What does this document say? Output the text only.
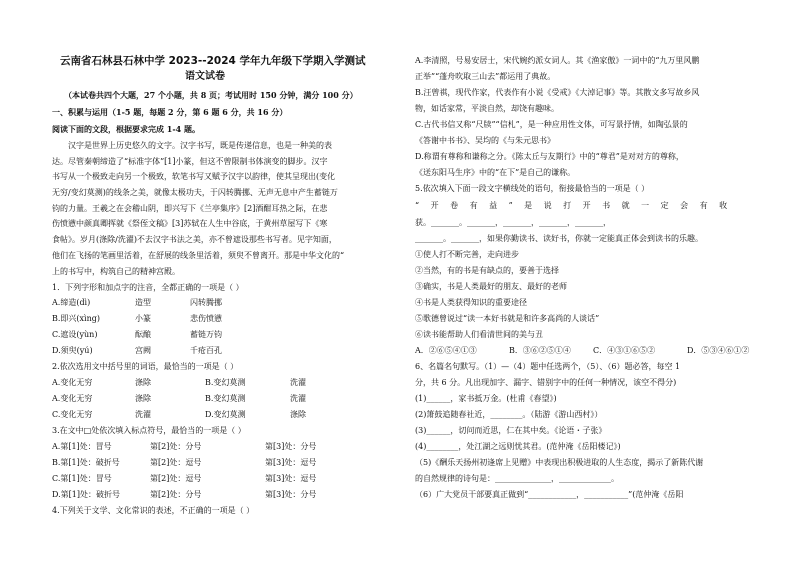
云南省石林县石林中学 2023--2024 学年九年级下学期入学测试
语文试卷
（本试卷共四个大题，27 个小题，共 8 页；考试用时 150 分钟，满分 100 分）
一、积累与运用（1-5 题，每题 2 分，第 6 题 6 分，共 16 分）
阅读下面的文段，根据要求完成 1-4 题。
汉字是世界上历史悠久的文字。汉字书写，既是传递信息，也是一种美的表
达。尽管秦朝缔造了“标准字体”[1]小篆，但这不曾限制书体演变的脚步。汉字
书写从一个极致走向另一个极致，软笔书写又赋予汉字以韵律，使其呈现出(变化
无穷/变幻莫测)的线条之美，就像太极功夫，于闪转腾挪、无声无息中产生蓄链万
钧的力量。王羲之在会稽山阴，即兴写下《兰亭集序》[2]酒酣耳热之际，在悲
伤愤懑中颜真卿挥就《祭侄文稿》[3]苏轼在人生中谷底，于黄州草屋写下《寒
食帖》。岁月(涤除/洗濯)不去汉字书法之美，亦不曾遮设那些书写者。见字知面，
他们在飞扬的笔画里活着，在舒展的线条里活着，须臾不曾离开。那是中华文化的“
上的书写中，构筑自己的精神宫殿。
1．下列字形和加点字的注音，全都正确的一项是（ ）
A.缔造(dì)	造型	闪转腾挪
B.即兴(xìng)	小篆	悲伤愤懑
C.遮设(yùn)	酝酿	蓄链万钧
D.须臾(yú)	宫阙	千疮百孔
2.依次选用文中括号里的词语，最恰当的一项是（ ）
A.变化无穷	涤除	B.变幻莫测	洗濯
A.变化无穷	涤除	B.变幻莫测	洗濯
C.变化无穷	洗濯	D.变幻莫测	涤除
3.在文中□处依次填入标点符号，最恰当的一项是（ ）
A.第[1]处：冒号	第[2]处：分号	第[3]处：分号
B.第[1]处：破折号	第[2]处：逗号	第[3]处：逗号
C.第[1]处：冒号	第[2]处：逗号	第[3]处：逗号
D.第[1]处：破折号	第[2]处：分号	第[3]处：分号
4.下列关于文学、文化常识的表述，不正确的一项是（ ）
A.李清照，号易安居士，宋代婉约派女词人。其《渔家傲》一词中的“九万里风鹏
正举”“蓬舟吹取三山去”都运用了典故。
B.汪曾祺，现代作家，代表作有小说《受戒》《大淖记事》等。其散文多写故乡风
物，如话家常，平淡自然，却饶有趣味。
C.古代书信又称“尺牍”“信札”，是一种应用性文体，可写景抒情，如陶弘景的
《答谢中书书》、吴均的《与朱元思书》
D.称谓有尊称和谦称之分。《陈太丘与友期行》中的“尊君”是对对方的尊称，
《送东阳马生序》中的“在下”是自己的谦称。
5.依次填入下面一段文字横线处的语句，衔接最恰当的一项是（ ）
“开卷有益”是说打开书就一定会有收
获。_______。_______，_______，_______，_______，
_______。_______，如果你勤读书、读好书，你就一定能真正体会到读书的乐趣。
①使人打不断完善，走向进步
②当然，有的书是有缺点的，要善于选择
③确实，书是人类最好的朋友、最好的老师
④书是人类获得知识的重要途径
⑤歌德曾说过“读一本好书就是和许多高尚的人谈话”
⑥读书能帮助人们看清世间的美与丑
A．②⑥⑤④①③	B．③⑥②⑤①④	C．④③①⑥⑤②	D．⑤③④⑥①②
6、名篇名句默写。（1）—（4）题中任选两个，（5）、（6）题必答，每空 1
分，共 6 分。凡出现加字、漏字、错别字中的任何一种情况，该空不得分)
(1)______，家书抵万金。(杜甫《春望》)
(2)箫鼓追随春社近，________。（陆游《游山西村》）
(3)______，切问而近思，仁在其中矣。《论语・子张》
(4)________，处江湖之远则忧其君。(范仲淹《岳阳楼记》)
（5)《酬乐天扬州初逢席上见赠》中表现出积极进取的人生态度，揭示了新陈代谢
的自然规律的诗句是：______________，_____________。
（6）广大党员干部要真正做到“____________，___________”(范仲淹《岳阳
